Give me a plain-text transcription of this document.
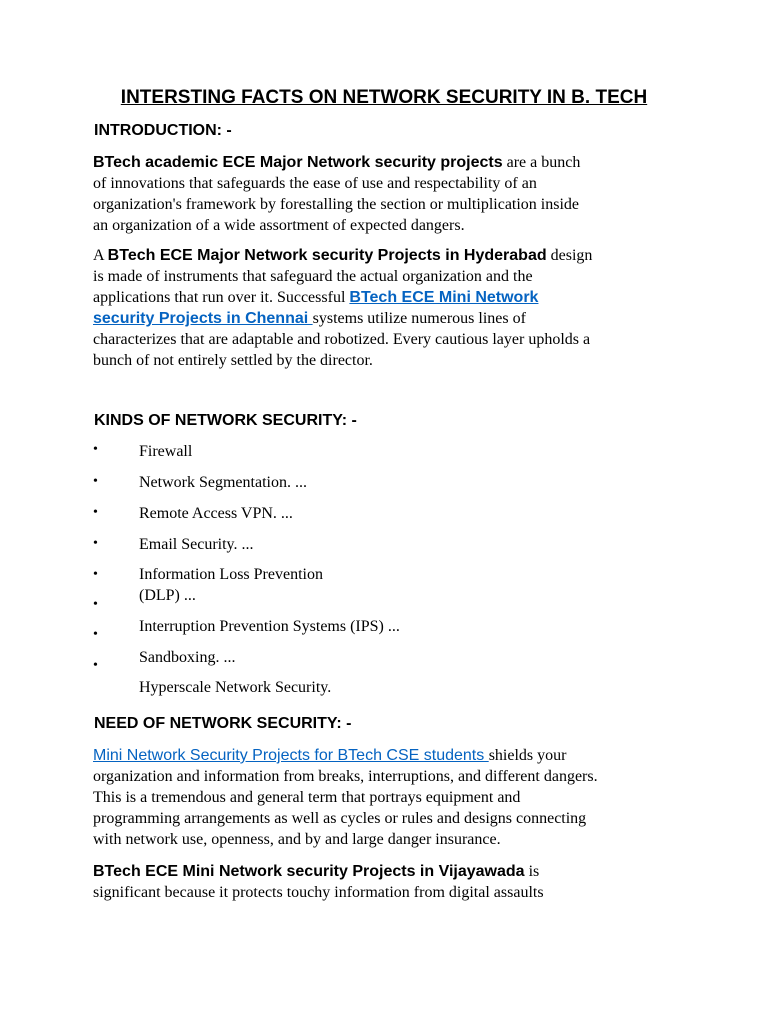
INTERSTING FACTS ON NETWORK SECURITY IN B. TECH
INTRODUCTION: -
BTech academic ECE Major Network security projects are a bunch
of innovations that safeguards the ease of use and respectability of an
organization's framework by forestalling the section or multiplication inside
an organization of a wide assortment of expected dangers.
A BTech ECE Major Network security Projects in Hyderabad design
is made of instruments that safeguard the actual organization and the
applications that run over it. Successful BTech ECE Mini Network
security Projects in Chennai systems utilize numerous lines of
characterizes that are adaptable and robotized. Every cautious layer upholds a
bunch of not entirely settled by the director.
KINDS OF NETWORK SECURITY: -
•
•
•
•
•
•
•
•
Firewall
Network Segmentation. ...
Remote Access VPN. ...
Email Security. ...
Information Loss Prevention
(DLP) ...
Interruption Prevention Systems (IPS) ...
Sandboxing. ...
Hyperscale Network Security.
NEED OF NETWORK SECURITY: -
Mini Network Security Projects for BTech CSE students shields your
organization and information from breaks, interruptions, and different dangers.
This is a tremendous and general term that portrays equipment and
programming arrangements as well as cycles or rules and designs connecting
with network use, openness, and by and large danger insurance.
BTech ECE Mini Network security Projects in Vijayawada is
significant because it protects touchy information from digital assaults
